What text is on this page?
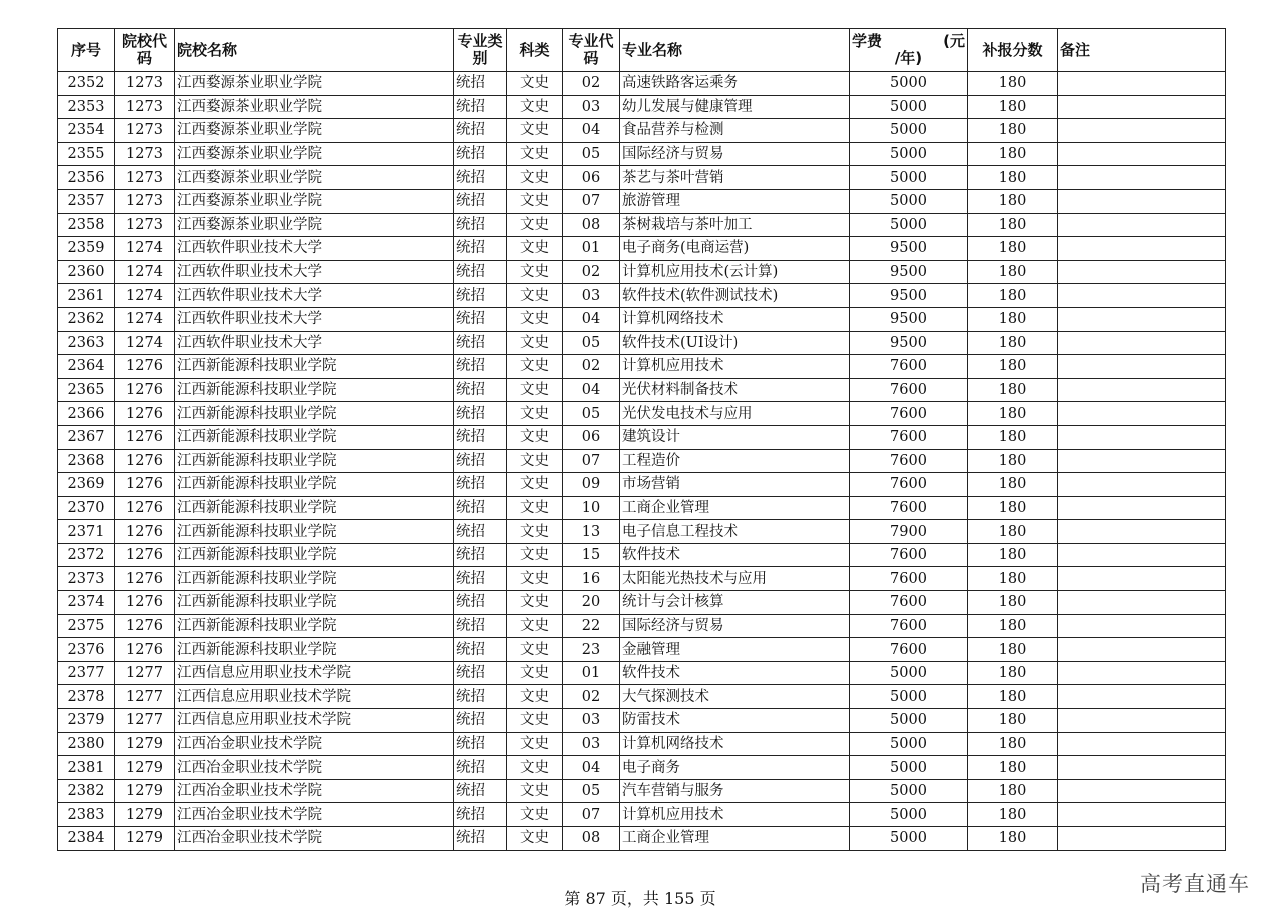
序号	院校代码	院校名称	专业类别	科类	专业代码	专业名称	学费 (元
/年)	补报分数	备注
2352	1273	江西婺源茶业职业学院	统招	文史	02	高速铁路客运乘务	5000	180	
2353	1273	江西婺源茶业职业学院	统招	文史	03	幼儿发展与健康管理	5000	180	
2354	1273	江西婺源茶业职业学院	统招	文史	04	食品营养与检测	5000	180	
2355	1273	江西婺源茶业职业学院	统招	文史	05	国际经济与贸易	5000	180	
2356	1273	江西婺源茶业职业学院	统招	文史	06	茶艺与茶叶营销	5000	180	
2357	1273	江西婺源茶业职业学院	统招	文史	07	旅游管理	5000	180	
2358	1273	江西婺源茶业职业学院	统招	文史	08	茶树栽培与茶叶加工	5000	180	
2359	1274	江西软件职业技术大学	统招	文史	01	电子商务(电商运营)	9500	180	
2360	1274	江西软件职业技术大学	统招	文史	02	计算机应用技术(云计算)	9500	180	
2361	1274	江西软件职业技术大学	统招	文史	03	软件技术(软件测试技术)	9500	180	
2362	1274	江西软件职业技术大学	统招	文史	04	计算机网络技术	9500	180	
2363	1274	江西软件职业技术大学	统招	文史	05	软件技术(UI设计)	9500	180	
2364	1276	江西新能源科技职业学院	统招	文史	02	计算机应用技术	7600	180	
2365	1276	江西新能源科技职业学院	统招	文史	04	光伏材料制备技术	7600	180	
2366	1276	江西新能源科技职业学院	统招	文史	05	光伏发电技术与应用	7600	180	
2367	1276	江西新能源科技职业学院	统招	文史	06	建筑设计	7600	180	
2368	1276	江西新能源科技职业学院	统招	文史	07	工程造价	7600	180	
2369	1276	江西新能源科技职业学院	统招	文史	09	市场营销	7600	180	
2370	1276	江西新能源科技职业学院	统招	文史	10	工商企业管理	7600	180	
2371	1276	江西新能源科技职业学院	统招	文史	13	电子信息工程技术	7900	180	
2372	1276	江西新能源科技职业学院	统招	文史	15	软件技术	7600	180	
2373	1276	江西新能源科技职业学院	统招	文史	16	太阳能光热技术与应用	7600	180	
2374	1276	江西新能源科技职业学院	统招	文史	20	统计与会计核算	7600	180	
2375	1276	江西新能源科技职业学院	统招	文史	22	国际经济与贸易	7600	180	
2376	1276	江西新能源科技职业学院	统招	文史	23	金融管理	7600	180	
2377	1277	江西信息应用职业技术学院	统招	文史	01	软件技术	5000	180	
2378	1277	江西信息应用职业技术学院	统招	文史	02	大气探测技术	5000	180	
2379	1277	江西信息应用职业技术学院	统招	文史	03	防雷技术	5000	180	
2380	1279	江西冶金职业技术学院	统招	文史	03	计算机网络技术	5000	180	
2381	1279	江西冶金职业技术学院	统招	文史	04	电子商务	5000	180	
2382	1279	江西冶金职业技术学院	统招	文史	05	汽车营销与服务	5000	180	
2383	1279	江西冶金职业技术学院	统招	文史	07	计算机应用技术	5000	180	
2384	1279	江西冶金职业技术学院	统招	文史	08	工商企业管理	5000	180	
第 87 页，共 155 页
高考直通车
